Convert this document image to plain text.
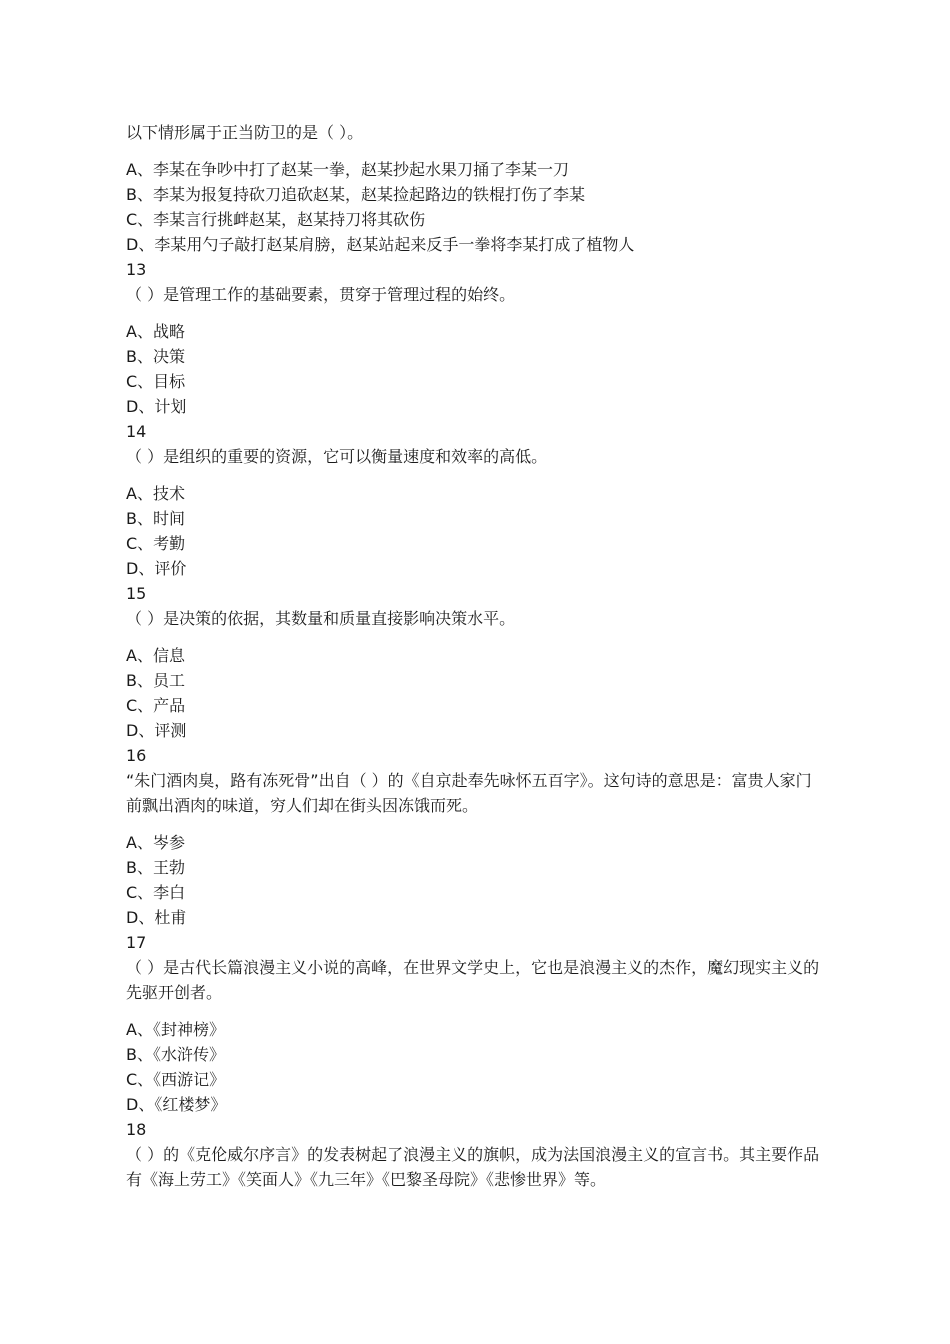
以下情形属于正当防卫的是（ ）。
A、李某在争吵中打了赵某一拳，赵某抄起水果刀捅了李某一刀
B、李某为报复持砍刀追砍赵某，赵某捡起路边的铁棍打伤了李某
C、李某言行挑衅赵某，赵某持刀将其砍伤
D、李某用勺子敲打赵某肩膀，赵某站起来反手一拳将李某打成了植物人
13
（ ）是管理工作的基础要素，贯穿于管理过程的始终。
A、战略
B、决策
C、目标
D、计划
14
（ ）是组织的重要的资源，它可以衡量速度和效率的高低。
A、技术
B、时间
C、考勤
D、评价
15
（ ）是决策的依据，其数量和质量直接影响决策水平。
A、信息
B、员工
C、产品
D、评测
16
“朱门酒肉臭，路有冻死骨”出自（ ）的《自京赴奉先咏怀五百字》。这句诗的意思是：富贵人家门前飘出酒肉的味道，穷人们却在街头因冻饿而死。
A、岑参
B、王勃
C、李白
D、杜甫
17
（ ）是古代长篇浪漫主义小说的高峰，在世界文学史上，它也是浪漫主义的杰作，魔幻现实主义的先驱开创者。
A、《封神榜》
B、《水浒传》
C、《西游记》
D、《红楼梦》
18
（ ）的《克伦威尔序言》的发表树起了浪漫主义的旗帜，成为法国浪漫主义的宣言书。其主要作品有《海上劳工》《笑面人》《九三年》《巴黎圣母院》《悲惨世界》等。
